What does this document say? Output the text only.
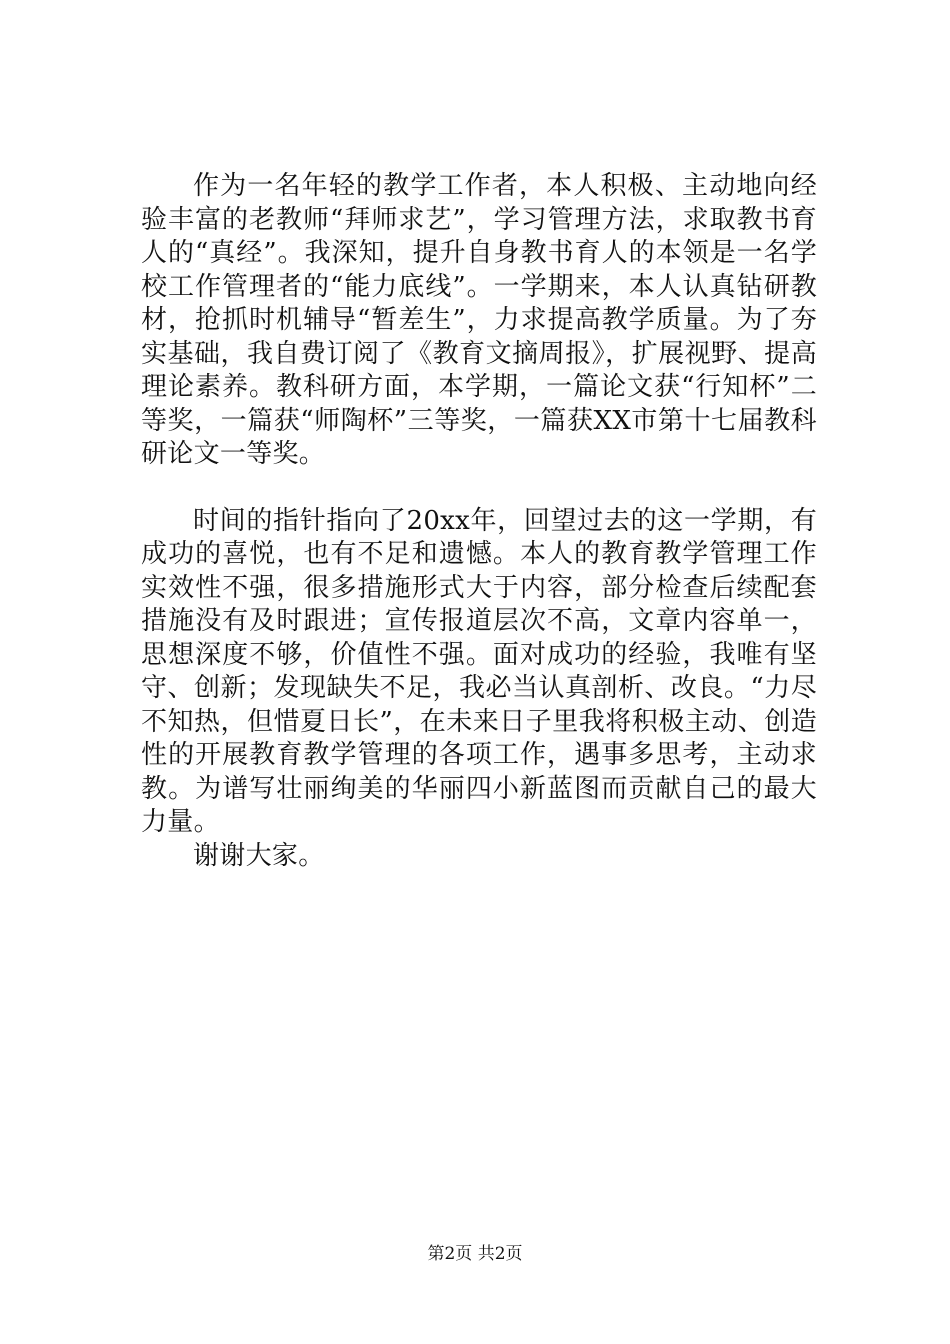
作为一名年轻的教学工作者，本人积极、主动地向经验丰富的老教师“拜师求艺”，学习管理方法，求取教书育人的“真经”。我深知，提升自身教书育人的本领是一名学校工作管理者的“能力底线”。一学期来，本人认真钻研教材，抢抓时机辅导“暂差生”，力求提高教学质量。为了夯实基础，我自费订阅了《教育文摘周报》，扩展视野、提高理论素养。教科研方面，本学期，一篇论文获“行知杯”二等奖，一篇获“师陶杯”三等奖，一篇获XX市第十七届教科研论文一等奖。

时间的指针指向了20xx年，回望过去的这一学期，有成功的喜悦，也有不足和遗憾。本人的教育教学管理工作实效性不强，很多措施形式大于内容，部分检查后续配套措施没有及时跟进；宣传报道层次不高，文章内容单一，思想深度不够，价值性不强。面对成功的经验，我唯有坚守、创新；发现缺失不足，我必当认真剖析、改良。“力尽不知热，但惜夏日长”，在未来日子里我将积极主动、创造性的开展教育教学管理的各项工作，遇事多思考，主动求教。为谱写壮丽绚美的华丽四小新蓝图而贡献自己的最大力量。

谢谢大家。

第2页 共2页
